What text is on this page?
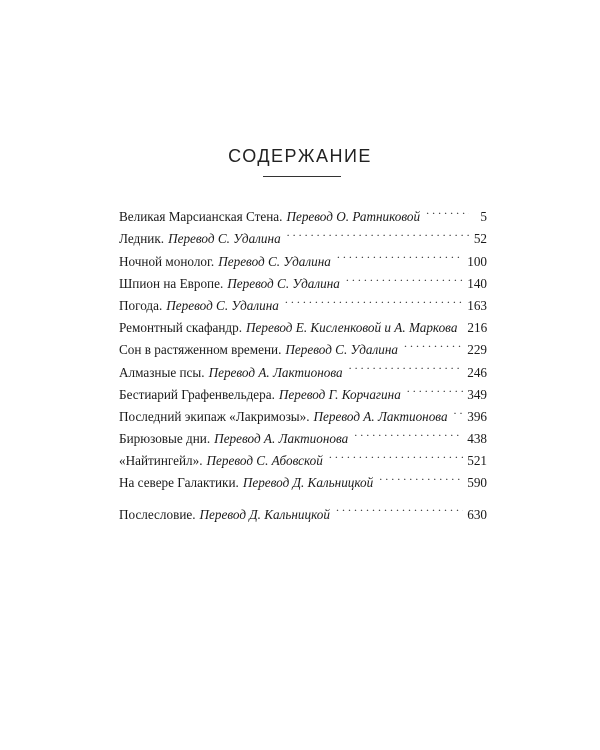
СОДЕРЖАНИЕ
Великая Марсианская Стена. Перевод О. Ратниковой . . .	5
Ледник. Перевод С. Удалина . . .	52
Ночной монолог. Перевод С. Удалина . . .	100
Шпион на Европе. Перевод С. Удалина . . .	140
Погода. Перевод С. Удалина . . .	163
Ремонтный скафандр. Перевод Е. Кисленковой и А. Маркова 216
Сон в растяженном времени. Перевод С. Удалина . . .	229
Алмазные псы. Перевод А. Лактионова . . .	246
Бестиарий Графенвельдера. Перевод Г. Корчагина . . .	349
Последний экипаж «Лакримозы». Перевод А. Лактионова . . . 396
Бирюзовые дни. Перевод А. Лактионова . . .	438
«Найтингейл». Перевод С. Абовской . . .	521
На севере Галактики. Перевод Д. Кальницкой . . .	590
Послесловие. Перевод Д. Кальницкой . . .	630
